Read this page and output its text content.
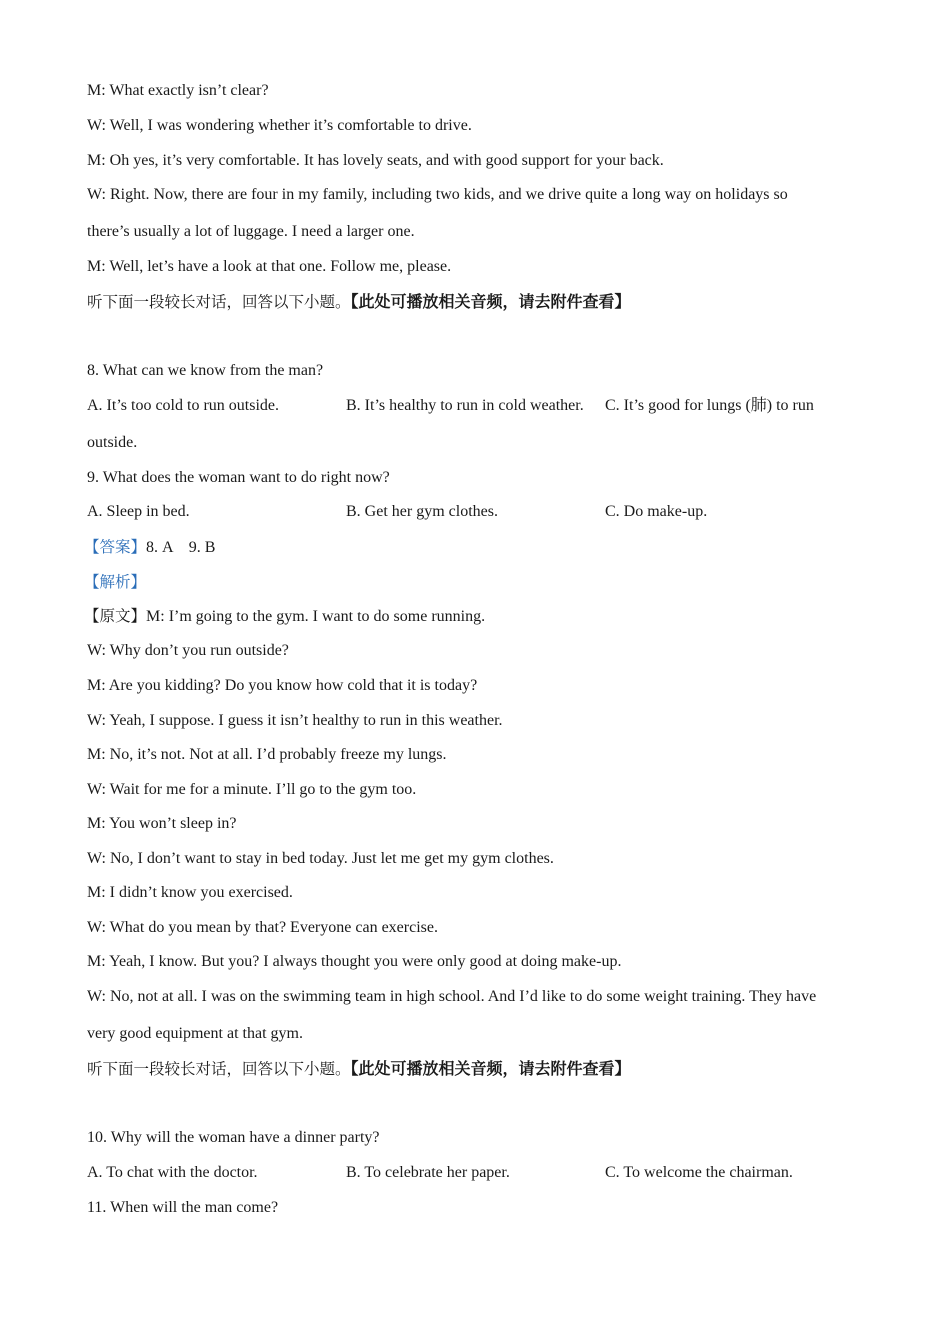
M: What exactly isn’t clear?
W: Well, I was wondering whether it’s comfortable to drive.
M: Oh yes, it’s very comfortable. It has lovely seats, and with good support for your back.
W: Right. Now, there are four in my family, including two kids, and we drive quite a long way on holidays so
there’s usually a lot of luggage. I need a larger one.
M: Well, let’s have a look at that one. Follow me, please.
听下面一段较长对话，回答以下小题。【此处可播放相关音频，请去附件查看】
8. What can we know from the man?
A. It’s too cold to run outside.	B. It’s healthy to run in cold weather. C. It’s good for lungs (肺) to run
outside.
9. What does the woman want to do right now?
A. Sleep in bed.	B. Get her gym clothes.	C. Do make-up.
【答案】8. A    9. B
【解析】
【原文】M: I’m going to the gym. I want to do some running.
W: Why don’t you run outside?
M: Are you kidding? Do you know how cold that it is today?
W: Yeah, I suppose. I guess it isn’t healthy to run in this weather.
M: No, it’s not. Not at all. I’d probably freeze my lungs.
W: Wait for me for a minute. I’ll go to the gym too.
M: You won’t sleep in?
W: No, I don’t want to stay in bed today. Just let me get my gym clothes.
M: I didn’t know you exercised.
W: What do you mean by that? Everyone can exercise.
M: Yeah, I know. But you? I always thought you were only good at doing make-up.
W: No, not at all. I was on the swimming team in high school. And I’d like to do some weight training. They have
very good equipment at that gym.
听下面一段较长对话，回答以下小题。【此处可播放相关音频，请去附件查看】
10. Why will the woman have a dinner party?
A. To chat with the doctor.	B. To celebrate her paper.	C. To welcome the chairman.
11. When will the man come?
